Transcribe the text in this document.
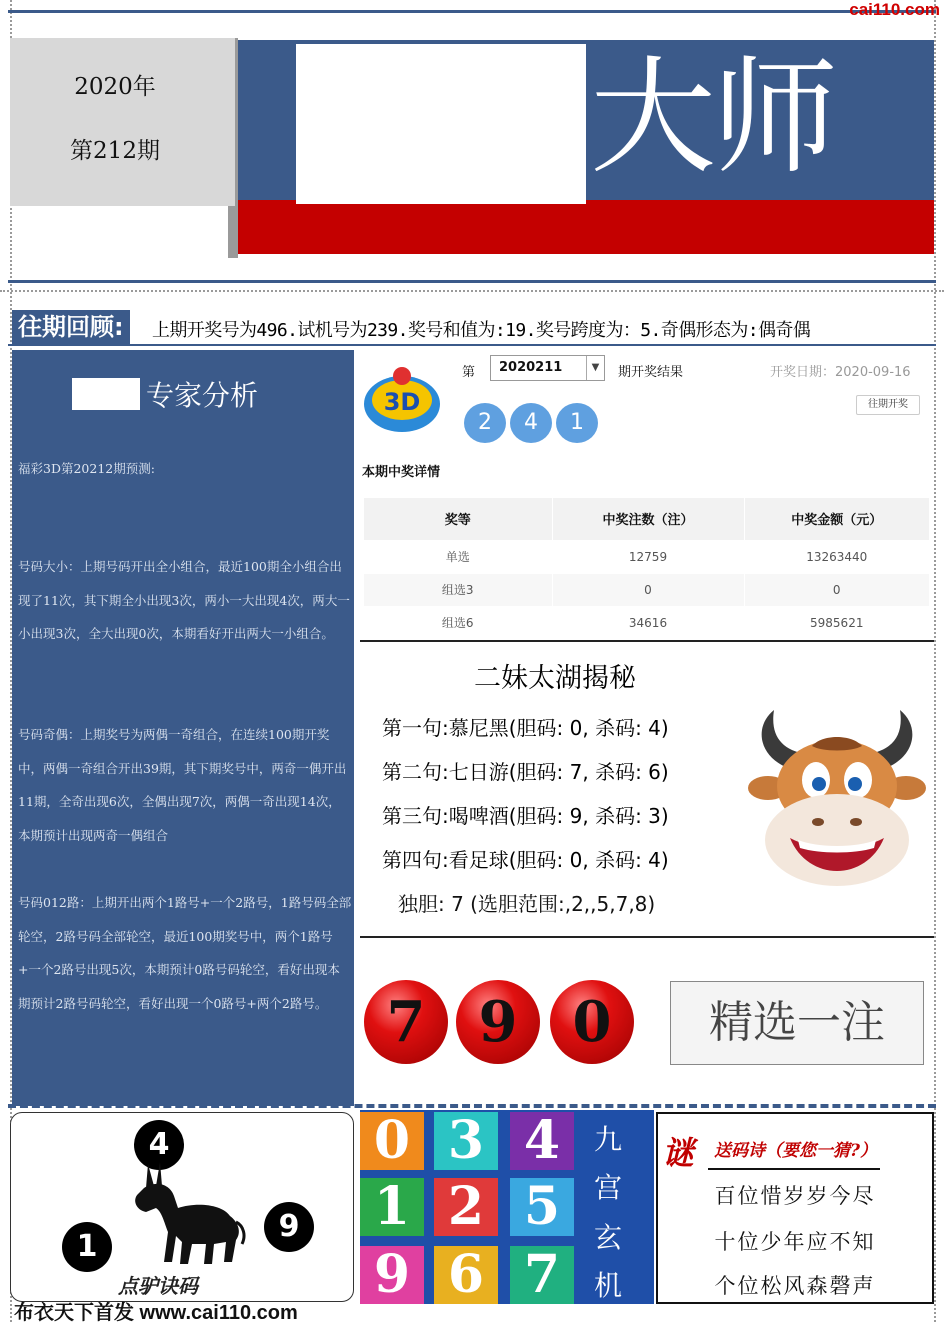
cai110.com
2020年
第212期	大师
往期回顾:	上期开奖号为496.试机号为239.奖号和值为:19.奖号跨度为：5.奇偶形态为:偶奇偶
福彩3D第20212期预测:
号码大小：上期号码开出全小组合，最近100期全小组合出现了11次，其下期全小出现3次，两小一大出现4次，两大一小出现3次，全大出现0次，本期看好开出两大一小组合。
号码奇偶：上期奖号为两偶一奇组合，在连续100期开奖中，两偶一奇组合开出39期，其下期奖号中，两奇一偶开出11期，全奇出现6次，全偶出现7次，两偶一奇出现14次，本期预计出现两奇一偶组合
号码012路：上期开出两个1路号+一个2路号，1路号码全部轮空，2路号码全部轮空，最近100期奖号中，两个1路号+一个2路号出现5次，本期预计0路号码轮空，看好出现本期预计2路号码轮空，看好出现一个0路号+两个2路号。
专家分析	3D
第	2020211	▼	期开奖结果	开奖日期：2020-09-16
往期开奖
2	4	1
本期中奖详情
奖等	中奖注数（注）	中奖金额（元）
单选	12759	13263440
组选3	0	0
组选6	34616	5985621
二妹太湖揭秘
第一句:慕尼黑(胆码: 0, 杀码: 4)
第二句:七日游(胆码: 7, 杀码: 6)
第三句:喝啤酒(胆码: 9, 杀码: 3)
第四句:看足球(胆码: 0, 杀码: 4)
独胆: 7 (选胆范围:,2,,5,7,8)
7 9 0	精选一注
4
1
9
点驴诀码
布衣天下首发 www.cai110.com
0 3 4
1 2 5
9 6 7
九
宫
玄
机
谜 送码诗（要您一猜?）
百位惜岁岁今尽
十位少年应不知
个位松风森磬声
